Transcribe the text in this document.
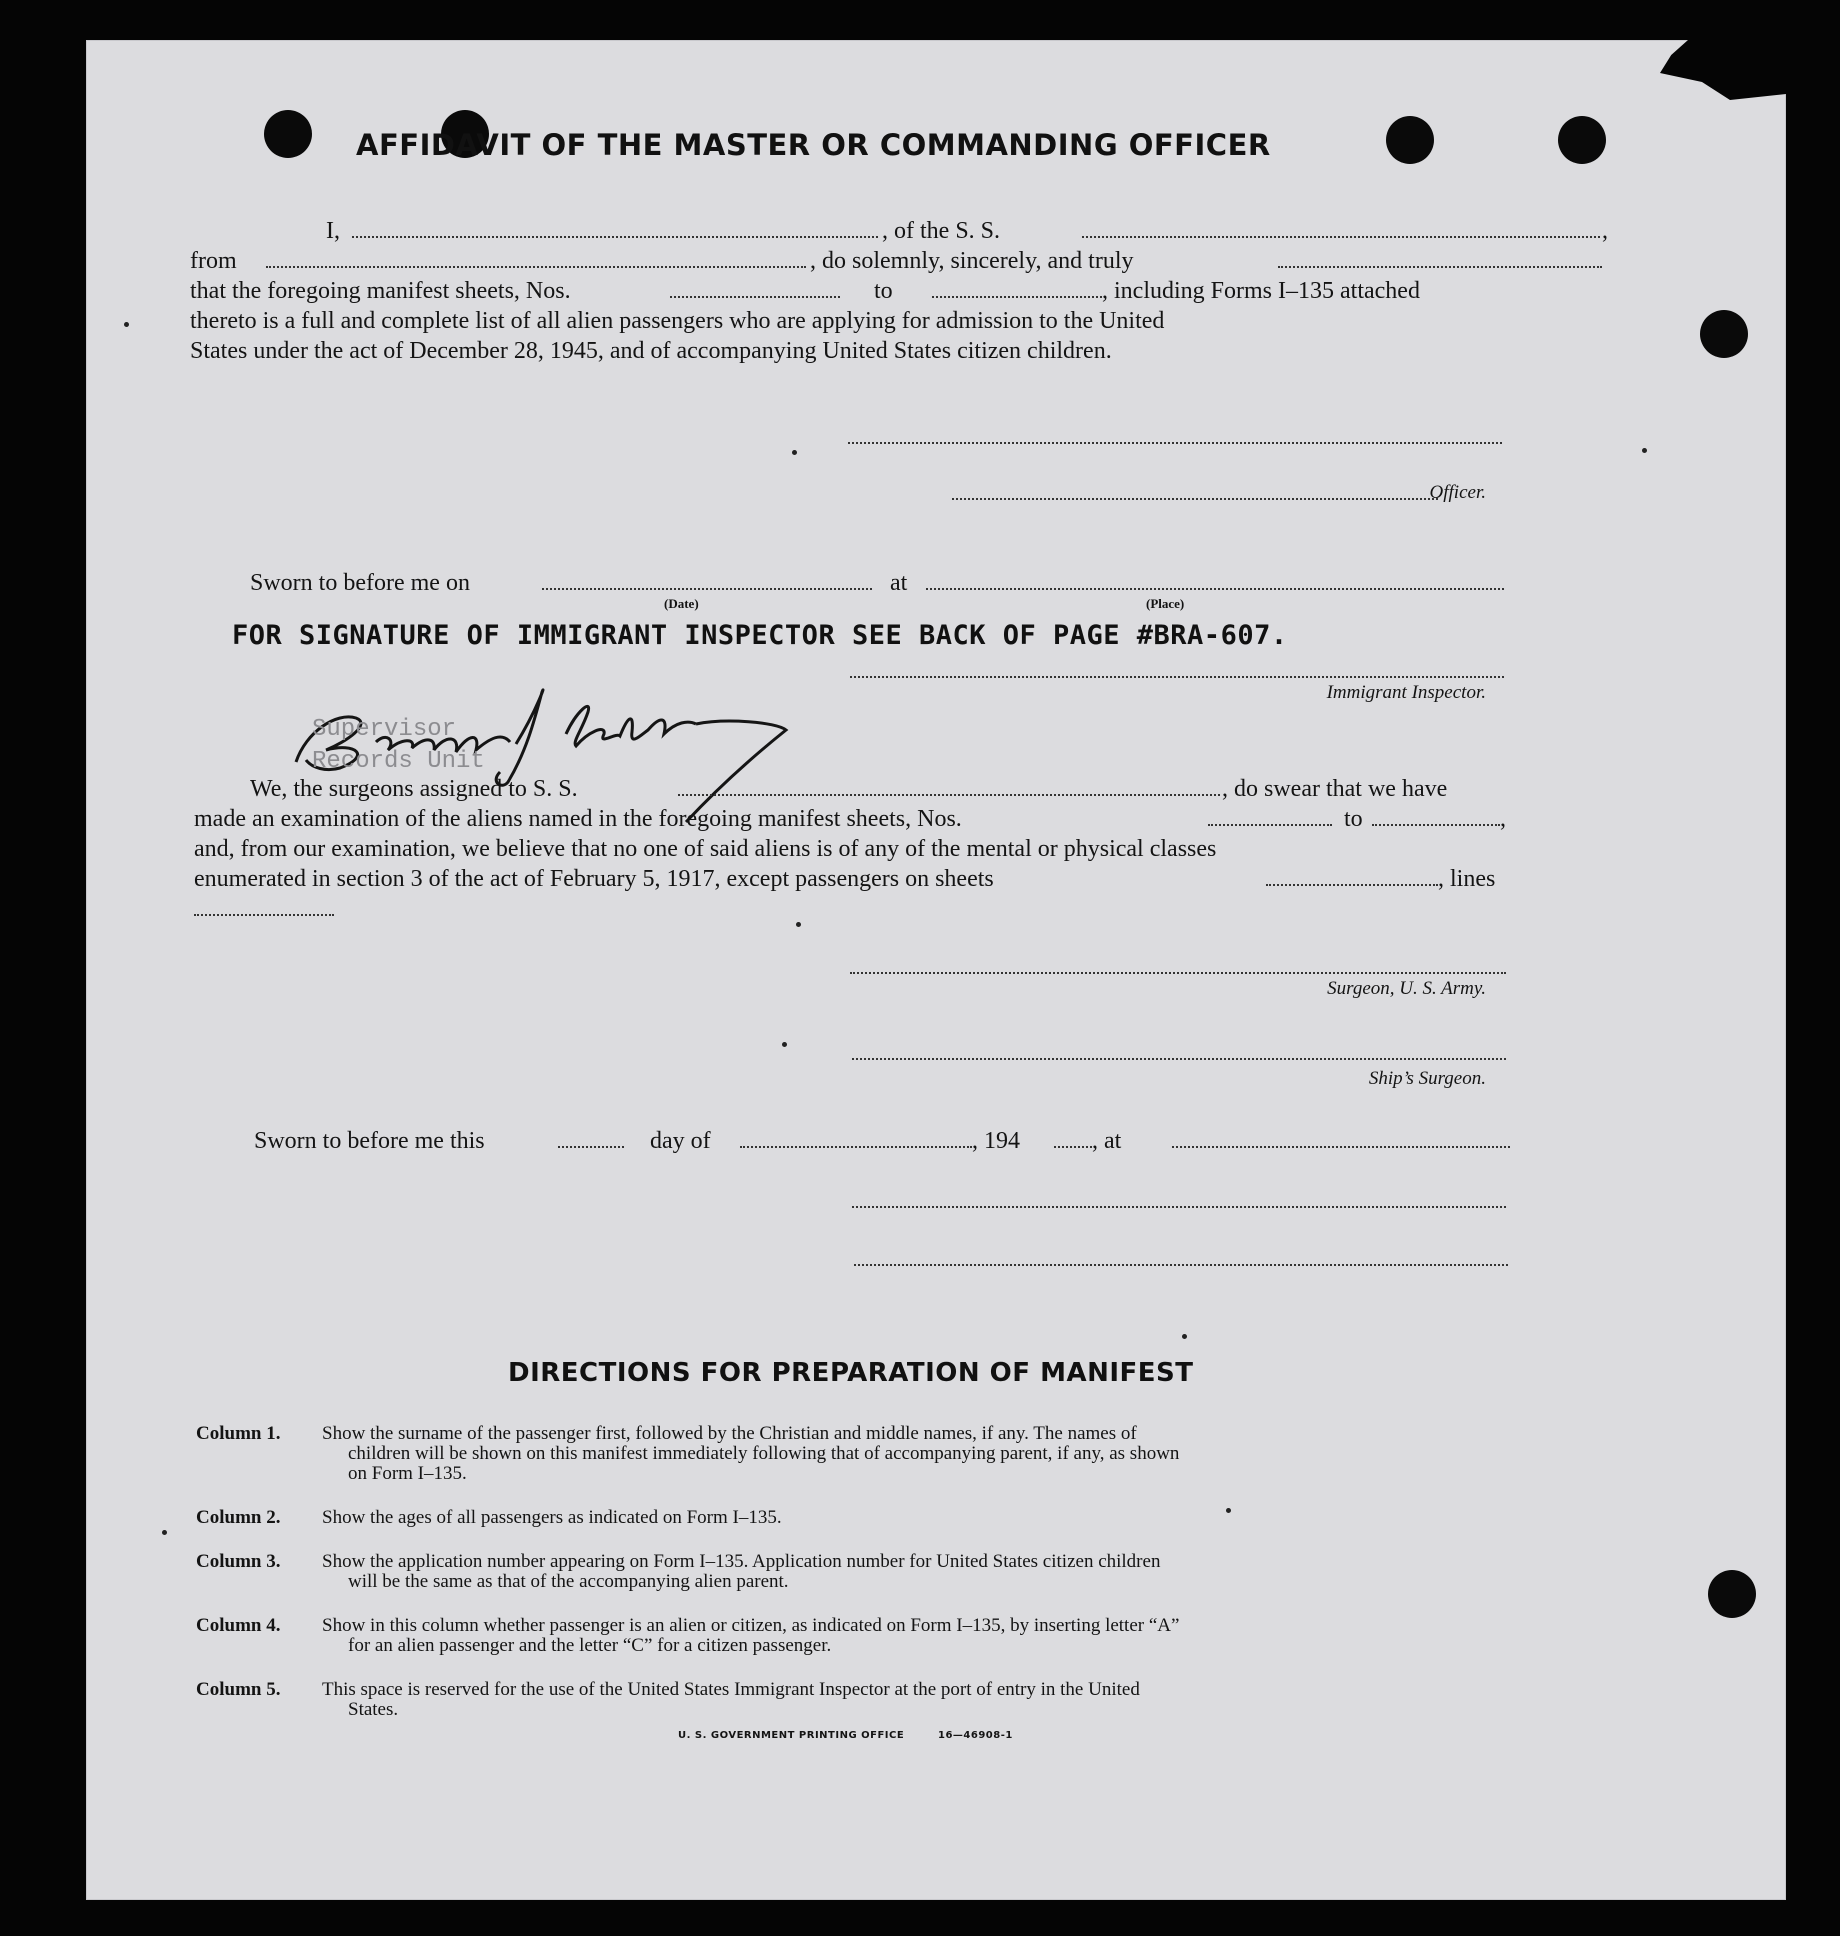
AFFIDAVIT OF THE MASTER OR COMMANDING OFFICER
I,	, of the S. S.	,
from	, do solemnly, sincerely, and truly
that the foregoing manifest sheets, Nos.	to	, including Forms I–135 attached
thereto is a full and complete list of all alien passengers who are applying for admission to the United
States under the act of December 28, 1945, and of accompanying United States citizen children.
Officer.
Sworn to before me on	at
(Date)	(Place)
FOR SIGNATURE OF IMMIGRANT INSPECTOR SEE BACK OF PAGE #BRA-607.
Immigrant Inspector.
Supervisor
Records Unit
We, the surgeons assigned to S. S.	, do swear that we have
made an examination of the aliens named in the foregoing manifest sheets, Nos.	to	,
and, from our examination, we believe that no one of said aliens is of any of the mental or physical classes
enumerated in section 3 of the act of February 5, 1917, except passengers on sheets	, lines
Surgeon, U. S. Army.
Ship’s Surgeon.
Sworn to before me this	day of	, 194	, at
DIRECTIONS FOR PREPARATION OF MANIFEST
Column 1. Show the surname of the passenger first, followed by the Christian and middle names, if any. The names of
children will be shown on this manifest immediately following that of accompanying parent, if any, as shown
on Form I–135.
Column 2. Show the ages of all passengers as indicated on Form I–135.
Column 3. Show the application number appearing on Form I–135. Application number for United States citizen children
will be the same as that of the accompanying alien parent.
Column 4. Show in this column whether passenger is an alien or citizen, as indicated on Form I–135, by inserting letter “A”
for an alien passenger and the letter “C” for a citizen passenger.
Column 5. This space is reserved for the use of the United States Immigrant Inspector at the port of entry in the United
States.
U. S. GOVERNMENT PRINTING OFFICE	16—46908-1
